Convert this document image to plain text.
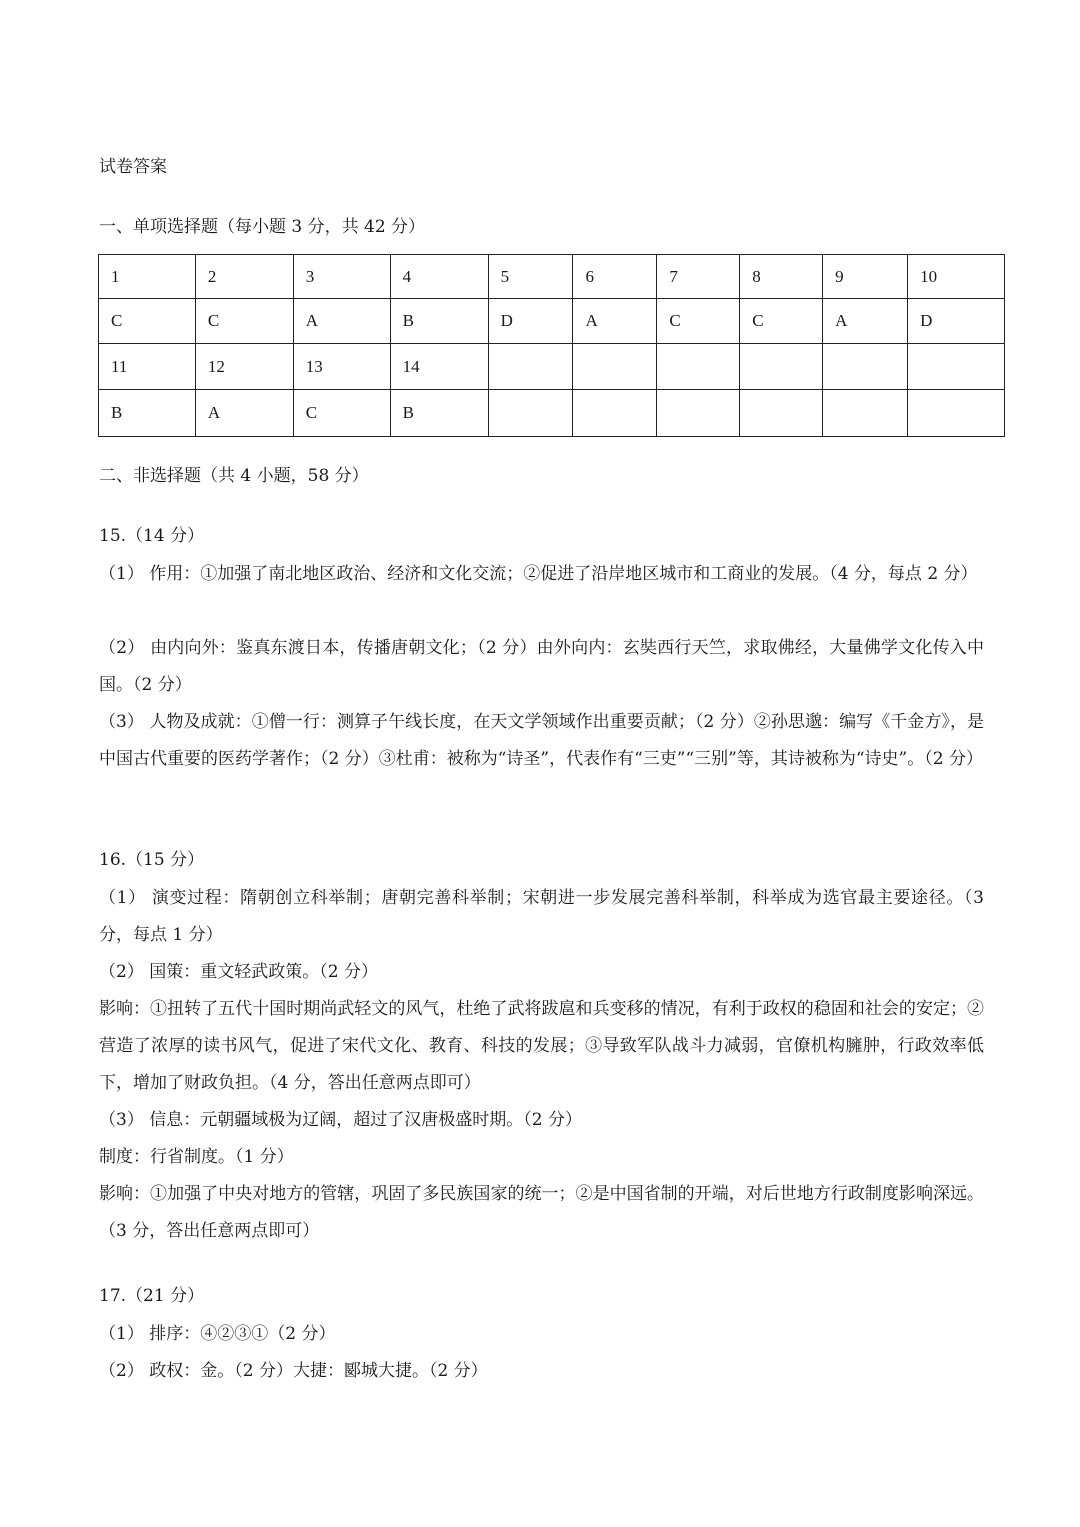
试卷答案
一、单项选择题（每小题 3 分，共 42 分）
1	2	3	4	5	6	7	8	9	10
C	C	A	B	D	A	C	C	A	D
11	12	13	14						
B	A	C	B						
二、非选择题（共 4 小题，58 分）
15.（14 分）
（1） 作用：①加强了南北地区政治、经济和文化交流；②促进了沿岸地区城市和工商业的发展。（4 分，每点 2 分）
（2） 由内向外：鉴真东渡日本，传播唐朝文化；（2 分）由外向内：玄奘西行天竺，求取佛经，大量佛学文化传入中国。（2 分）
（3） 人物及成就：①僧一行：测算子午线长度，在天文学领域作出重要贡献；（2 分）②孙思邈：编写《千金方》，是中国古代重要的医药学著作；（2 分）③杜甫：被称为“诗圣”，代表作有“三吏”“三别”等，其诗被称为“诗史”。（2 分）
16.（15 分）
（1） 演变过程：隋朝创立科举制；唐朝完善科举制；宋朝进一步发展完善科举制，科举成为选官最主要途径。（3 分，每点 1 分）
（2） 国策：重文轻武政策。（2 分）
影响：①扭转了五代十国时期尚武轻文的风气，杜绝了武将跋扈和兵变移的情况，有利于政权的稳固和社会的安定；②营造了浓厚的读书风气，促进了宋代文化、教育、科技的发展；③导致军队战斗力减弱，官僚机构臃肿，行政效率低下，增加了财政负担。（4 分，答出任意两点即可）
（3） 信息：元朝疆域极为辽阔，超过了汉唐极盛时期。（2 分）
制度：行省制度。（1 分）
影响：①加强了中央对地方的管辖，巩固了多民族国家的统一；②是中国省制的开端，对后世地方行政制度影响深远。（3 分，答出任意两点即可）
17.（21 分）
（1） 排序：④②③①（2 分）
（2） 政权：金。（2 分）大捷：郾城大捷。（2 分）
